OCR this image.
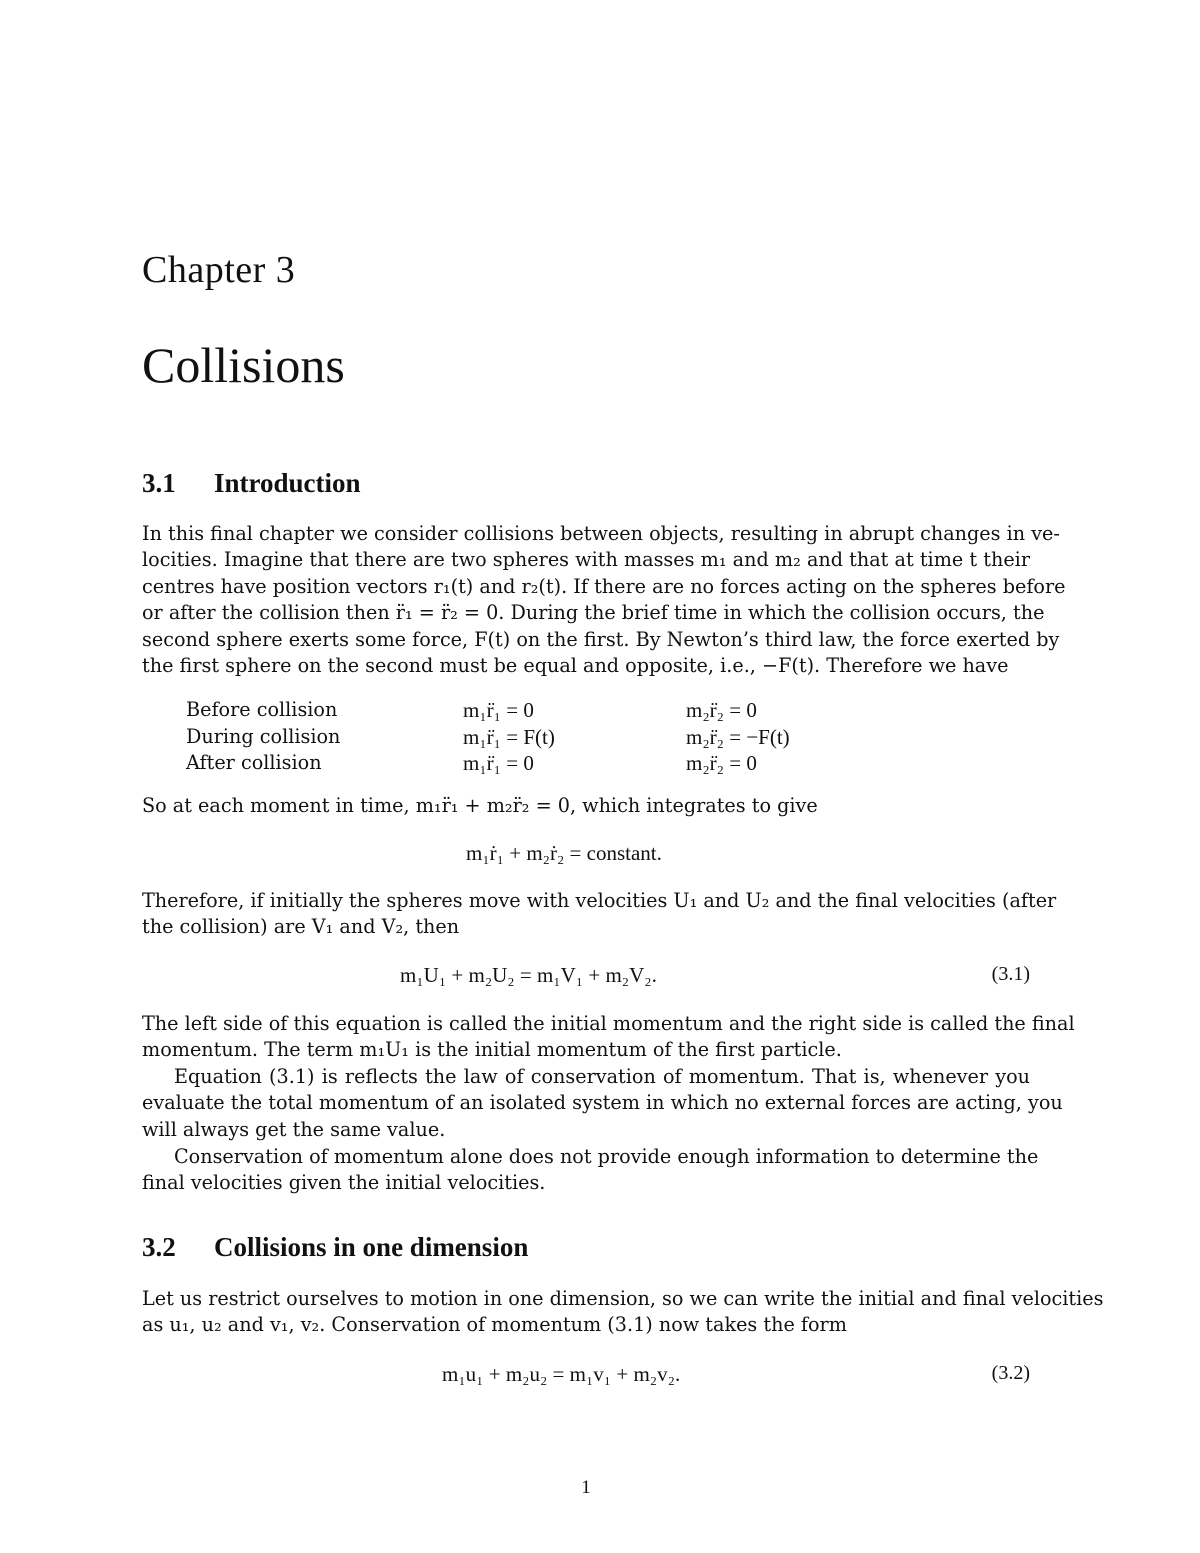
Chapter 3
Collisions
3.1 Introduction
In this final chapter we consider collisions between objects, resulting in abrupt changes in ve-
locities. Imagine that there are two spheres with masses m₁ and m₂ and that at time t their
centres have position vectors r₁(t) and r₂(t). If there are no forces acting on the spheres before
or after the collision then r̈₁ = r̈₂ = 0. During the brief time in which the collision occurs, the
second sphere exerts some force, F(t) on the first. By Newton’s third law, the force exerted by
the first sphere on the second must be equal and opposite, i.e., −F(t). Therefore we have
Before collision	m₁r̈₁ = 0	m₂r̈₂ = 0
During collision	m₁r̈₁ = F(t)	m₂r̈₂ = −F(t)
After collision	m₁r̈₁ = 0	m₂r̈₂ = 0
So at each moment in time, m₁r̈₁ + m₂r̈₂ = 0, which integrates to give
m₁ṙ₁ + m₂ṙ₂ = constant.
Therefore, if initially the spheres move with velocities U₁ and U₂ and the final velocities (after
the collision) are V₁ and V₂, then
m₁U₁ + m₂U₂ = m₁V₁ + m₂V₂.	(3.1)
The left side of this equation is called the initial momentum and the right side is called the final
momentum. The term m₁U₁ is the initial momentum of the first particle.
Equation (3.1) is reflects the law of conservation of momentum. That is, whenever you
evaluate the total momentum of an isolated system in which no external forces are acting, you
will always get the same value.
Conservation of momentum alone does not provide enough information to determine the
final velocities given the initial velocities.
3.2 Collisions in one dimension
Let us restrict ourselves to motion in one dimension, so we can write the initial and final velocities
as u₁, u₂ and v₁, v₂. Conservation of momentum (3.1) now takes the form
m₁u₁ + m₂u₂ = m₁v₁ + m₂v₂.	(3.2)
1
